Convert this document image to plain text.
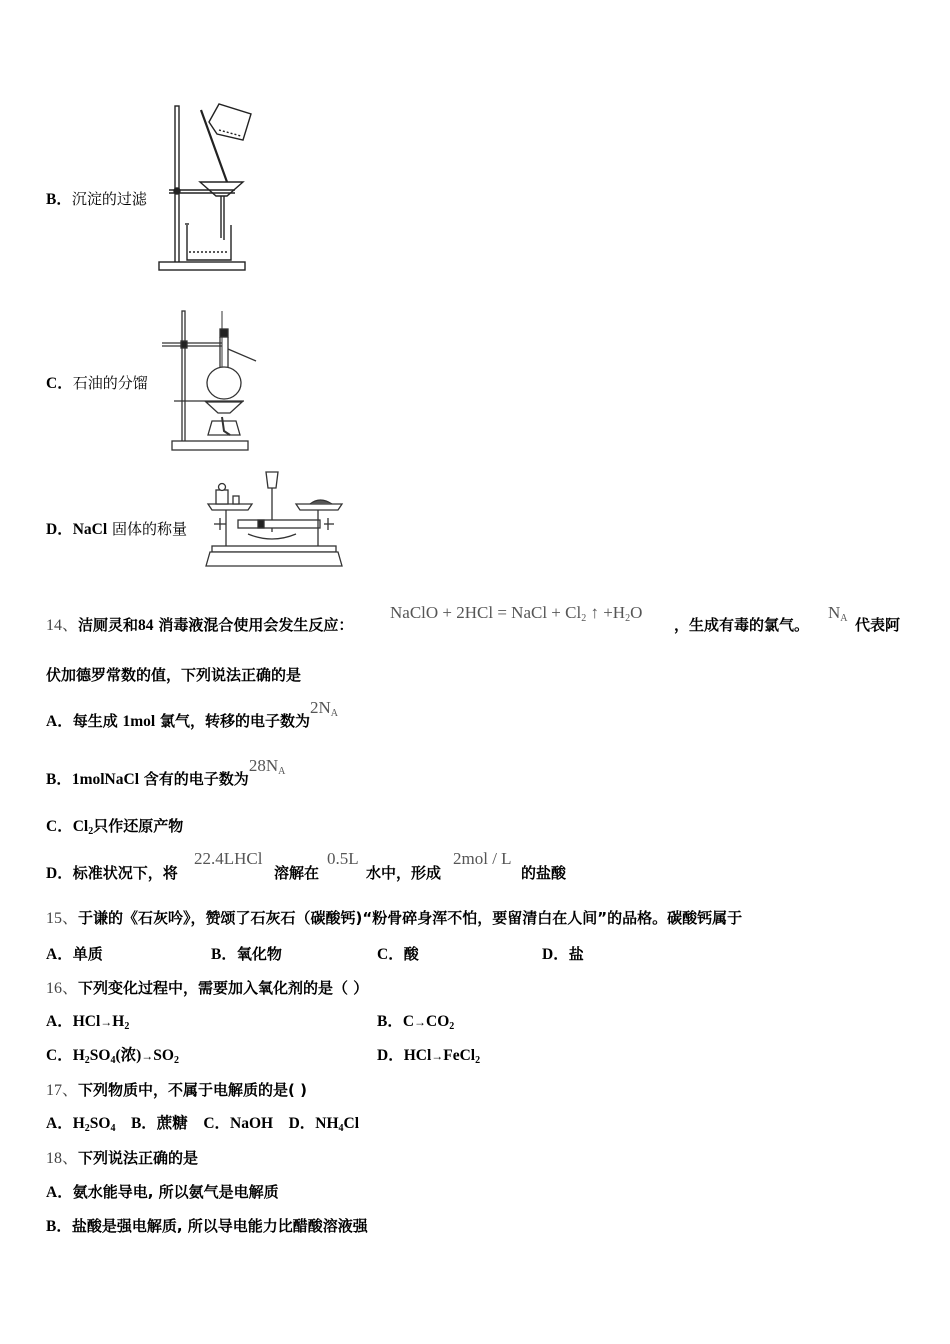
B．沉淀的过滤
C．石油的分馏
D．NaCl 固体的称量
14、洁厕灵和84 消毒液混合使用会发生反应：
NaClO + 2HCl = NaCl + $Cl_2$ ↑ $+H_2O$
，生成有毒的氯气。
$N_A$ 代表阿
伏加德罗常数的值，下列说法正确的是
A．每生成 1mol 氯气，转移的电子数为$2N_A$
B．1molNaCl 含有的电子数为$28N_A$
C．$Cl_2$只作还原产物
D．标准状况下，将
22.4LHCl
溶解在
0.5L
水中，形成
2mol / L
的盐酸
15、于谦的《石灰吟》，赞颂了石灰石（碳酸钙)“粉骨碎身浑不怕，要留清白在人间”的品格。碳酸钙属于
A．单质	B．氧化物	C．酸	D．盐
16、下列变化过程中，需要加入氧化剂的是（ ）
A．$HCl\to H_2$	B．$C\to CO_2$
C．$H_2SO_4$(浓)$\to SO_2$	D．HCl→FeCl$_2$
17、下列物质中，不属于电解质的是( )
A．$H_2SO_4$ B．蔗糖 C．NaOH D．$NH_4Cl$
18、下列说法正确的是
A．氨水能导电, 所以氨气是电解质
B．盐酸是强电解质, 所以导电能力比醋酸溶液强
